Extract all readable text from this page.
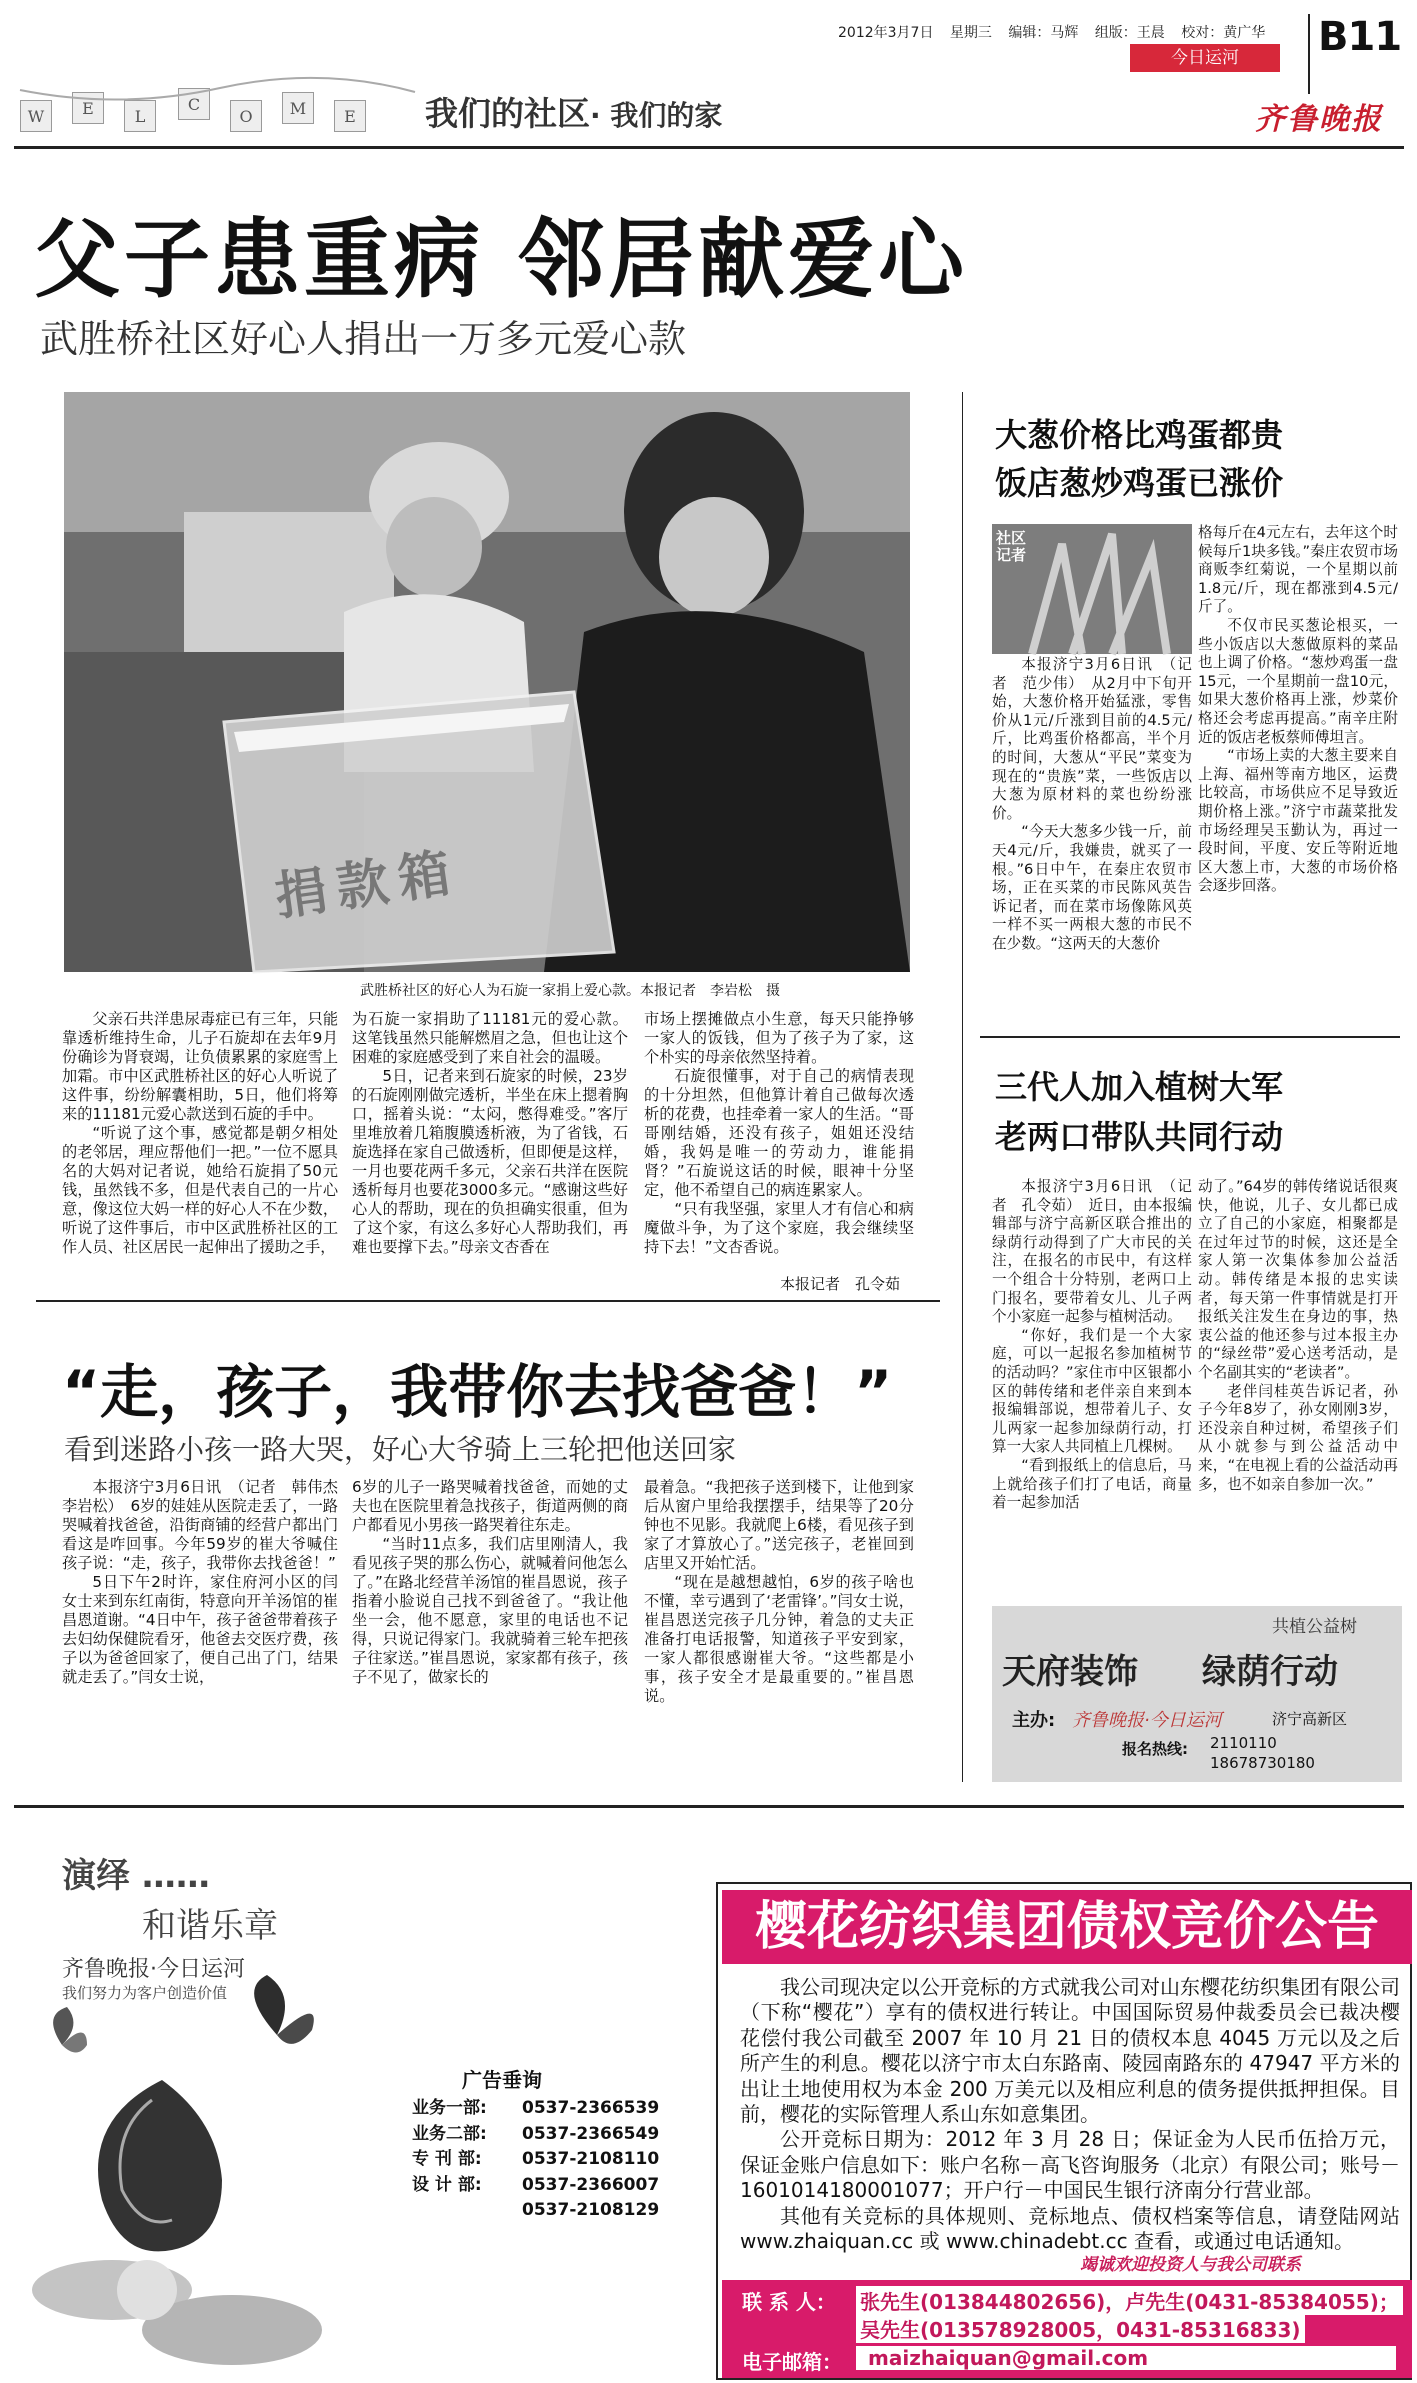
2012年3月7日 星期三 编辑：马辉 组版：王晨 校对：黄广华	B11
今日运河
齐鲁晚报
W	E	L
C
O	M	E	我们的社区· 我们的家
父子患重病 邻居献爱心
武胜桥社区好心人捐出一万多元爱心款
捐款箱
武胜桥社区的好心人为石旋一家捐上爱心款。本报记者　李岩松　摄

父亲石共洋患尿毒症已有三年，只能靠透析维持生命，儿子石旋却在去年9月份确诊为肾衰竭，让负债累累的家庭雪上加霜。市中区武胜桥社区的好心人听说了这件事，纷纷解囊相助，5日，他们将筹来的11181元爱心款送到石旋的手中。

“听说了这个事，感觉都是朝夕相处的老邻居，理应帮他们一把。”一位不愿具名的大妈对记者说，她给石旋捐了50元钱，虽然钱不多，但是代表自己的一片心意，像这位大妈一样的好心人不在少数，听说了这件事后，市中区武胜桥社区的工作人员、社区居民一起伸出了援助之手，

为石旋一家捐助了11181元的爱心款。这笔钱虽然只能解燃眉之急，但也让这个困难的家庭感受到了来自社会的温暖。

5日，记者来到石旋家的时候，23岁的石旋刚刚做完透析，半坐在床上摁着胸口，摇着头说：“太闷，憋得难受。”客厅里堆放着几箱腹膜透析液，为了省钱，石旋选择在家自己做透析，但即便是这样，一月也要花两千多元，父亲石共洋在医院透析每月也要花3000多元。“感谢这些好心人的帮助，现在的负担确实很重，但为了这个家，有这么多好心人帮助我们，再难也要撑下去。”母亲文杏香在

市场上摆摊做点小生意，每天只能挣够一家人的饭钱，但为了孩子为了家，这个朴实的母亲依然坚持着。

石旋很懂事，对于自己的病情表现的十分坦然，但他算计着自己做每次透析的花费，也挂牵着一家人的生活。“哥哥刚结婚，还没有孩子，姐姐还没结婚，我妈是唯一的劳动力，谁能捐肾？”石旋说这话的时候，眼神十分坚定，他不希望自己的病连累家人。

“只有我坚强，家里人才有信心和病魔做斗争，为了这个家庭，我会继续坚持下去！”文杏香说。

本报记者　孔令茹
“走，孩子，我带你去找爸爸！”
看到迷路小孩一路大哭，好心大爷骑上三轮把他送回家

本报济宁3月6日讯　（记者　韩伟杰　李岩松）　6岁的娃娃从医院走丢了，一路哭喊着找爸爸，沿街商铺的经营户都出门看这是咋回事。今年59岁的崔大爷喊住孩子说：“走，孩子，我带你去找爸爸！”

5日下午2时许，家住府河小区的闫女士来到东红南街，特意向开羊汤馆的崔昌恩道谢。“4日中午，孩子爸爸带着孩子去妇幼保健院看牙，他爸去交医疗费，孩子以为爸爸回家了，便自己出了门，结果就走丢了。”闫女士说，

6岁的儿子一路哭喊着找爸爸，而她的丈夫也在医院里着急找孩子，街道两侧的商户都看见小男孩一路哭着往东走。

“当时11点多，我们店里刚清人，我看见孩子哭的那么伤心，就喊着问他怎么了。”在路北经营羊汤馆的崔昌恩说，孩子指着小脸说自己找不到爸爸了。“我让他坐一会，他不愿意，家里的电话也不记得，只说记得家门。我就骑着三轮车把孩子往家送。”崔昌恩说，家家都有孩子，孩子不见了，做家长的

最着急。“我把孩子送到楼下，让他到家后从窗户里给我摆摆手，结果等了20分钟也不见影。我就爬上6楼，看见孩子到家了才算放心了。”送完孩子，老崔回到店里又开始忙活。

“现在是越想越怕，6岁的孩子啥也不懂，幸亏遇到了‘老雷锋’。”闫女士说，崔昌恩送完孩子几分钟，着急的丈夫正准备打电话报警，知道孩子平安到家，一家人都很感谢崔大爷。“这些都是小事，孩子安全才是最重要的。”崔昌恩说。

大葱价格比鸡蛋都贵
饭店葱炒鸡蛋已涨价
社区记者

本报济宁3月6日讯　（记者　范少伟）　从2月中下旬开始，大葱价格开始猛涨，零售价从1元/斤涨到目前的4.5元/斤，比鸡蛋价格都高，半个月的时间，大葱从“平民”菜变为现在的“贵族”菜，一些饭店以大葱为原材料的菜也纷纷涨价。

“今天大葱多少钱一斤，前天4元/斤，我嫌贵，就买了一根。”6日中午，在秦庄农贸市场，正在买菜的市民陈风英告诉记者，而在菜市场像陈风英一样不买一两根大葱的市民不在少数。“这两天的大葱价

格每斤在4元左右，去年这个时候每斤1块多钱。”秦庄农贸市场商贩李红菊说，一个星期以前1.8元/斤，现在都涨到4.5元/斤了。

不仅市民买葱论根买，一些小饭店以大葱做原料的菜品也上调了价格。“葱炒鸡蛋一盘15元，一个星期前一盘10元，如果大葱价格再上涨，炒菜价格还会考虑再提高。”南辛庄附近的饭店老板蔡师傅坦言。

“市场上卖的大葱主要来自上海、福州等南方地区，运费比较高，市场供应不足导致近期价格上涨。”济宁市蔬菜批发市场经理吴玉勤认为，再过一段时间，平度、安丘等附近地区大葱上市，大葱的市场价格会逐步回落。

三代人加入植树大军
老两口带队共同行动

本报济宁3月6日讯　（记者　孔令茹）　近日，由本报编辑部与济宁高新区联合推出的绿荫行动得到了广大市民的关注，在报名的市民中，有这样一个组合十分特别，老两口上门报名，要带着女儿、儿子两个小家庭一起参与植树活动。

“你好，我们是一个大家庭，可以一起报名参加植树节的活动吗？”家住市中区银都小区的韩传绪和老伴亲自来到本报编辑部说，想带着儿子、女儿两家一起参加绿荫行动，打算一大家人共同植上几棵树。

“看到报纸上的信息后，马上就给孩子们打了电话，商量着一起参加活

动了。”64岁的韩传绪说话很爽快，他说，儿子、女儿都已成立了自己的小家庭，相聚都是在过年过节的时候，这还是全家人第一次集体参加公益活动。韩传绪是本报的忠实读者，每天第一件事情就是打开报纸关注发生在身边的事，热衷公益的他还参与过本报主办的“绿丝带”爱心送考活动，是个名副其实的“老读者”。

老伴闫桂英告诉记者，孙子今年8岁了，孙女刚刚3岁，还没亲自种过树，希望孩子们从小就参与到公益活动中来，“在电视上看的公益活动再多，也不如亲自参加一次。”

共植公益树
天府装饰 绿荫行动
主办: 齐鲁晚报·今日运河	济宁高新区
报名热线: 2110110
18678730180
演绎 ……
和谐乐章
齐鲁晚报·今日运河
我们努力为客户创造价值
广告垂询
业务一部: 0537-2366539
业务二部: 0537-2366549
专 刊 部: 0537-2108110
设 计 部: 0537-2366007
0537-2108129
樱花纺织集团债权竞价公告

我公司现决定以公开竞标的方式就我公司对山东樱花纺织集团有限公司（下称“樱花”）享有的债权进行转让。中国国际贸易仲裁委员会已裁决樱花偿付我公司截至 2007 年 10 月 21 日的债权本息 4045 万元以及之后所产生的利息。樱花以济宁市太白东路南、陵园南路东的 47947 平方米的出让土地使用权为本金 200 万美元以及相应利息的债务提供抵押担保。目前，樱花的实际管理人系山东如意集团。

公开竞标日期为：2012 年 3 月 28 日；保证金为人民币伍拾万元，保证金账户信息如下：账户名称－高飞咨询服务（北京）有限公司；账号－1601014180001077；开户行－中国民生银行济南分行营业部。

其他有关竞标的具体规则、竞标地点、债权档案等信息，请登陆网站 www.zhaiquan.cc 或 www.chinadebt.cc 查看，或通过电话通知。

竭诚欢迎投资人与我公司联系
联 系 人： 张先生(013844802656)，卢先生(0431-85384055)；
吴先生(013578928005，0431-85316833)
电子邮箱：	maizhaiquan@gmail.com
